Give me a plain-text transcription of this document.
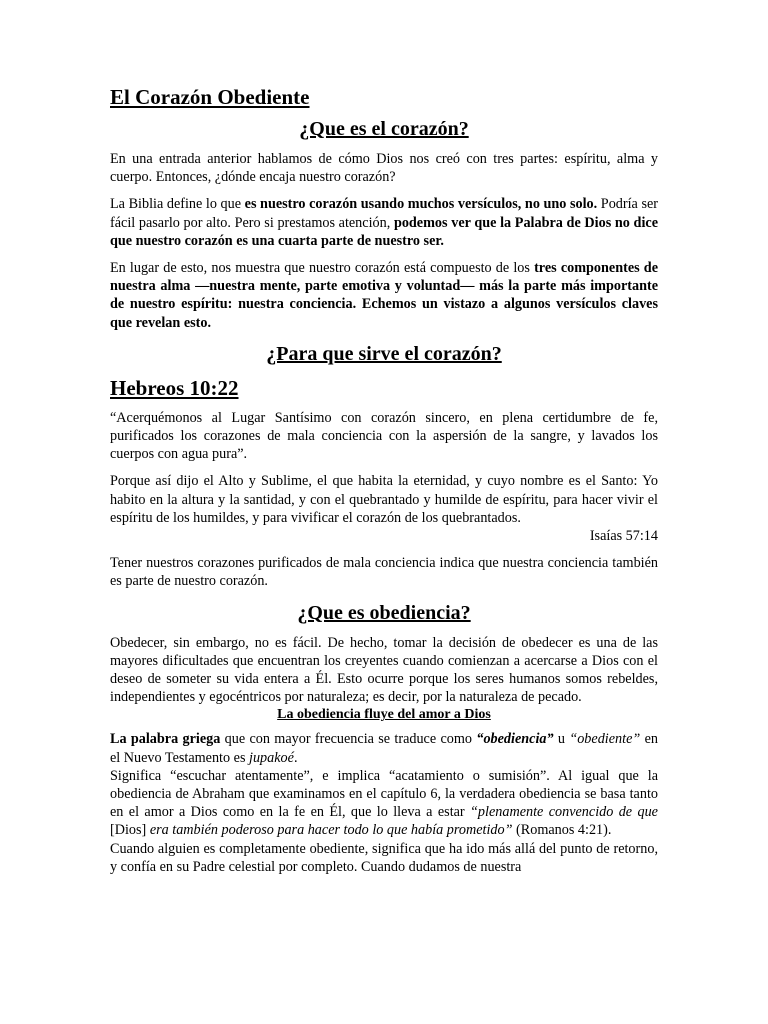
El Corazón Obediente
¿Que es el corazón?

En una entrada anterior hablamos de cómo Dios nos creó con tres partes: espíritu, alma y cuerpo. Entonces, ¿dónde encaja nuestro corazón?

La Biblia define lo que es nuestro corazón usando muchos versículos, no uno solo. Podría ser fácil pasarlo por alto. Pero si prestamos atención, podemos ver que la Palabra de Dios no dice que nuestro corazón es una cuarta parte de nuestro ser.

En lugar de esto, nos muestra que nuestro corazón está compuesto de los tres componentes de nuestra alma —nuestra mente, parte emotiva y voluntad— más la parte más importante de nuestro espíritu: nuestra conciencia. Echemos un vistazo a algunos versículos claves que revelan esto.

¿Para que sirve el corazón?
Hebreos 10:22

“Acerquémonos al Lugar Santísimo con corazón sincero, en plena certidumbre de fe, purificados los corazones de mala conciencia con la aspersión de la sangre, y lavados los cuerpos con agua pura”.

Porque así dijo el Alto y Sublime, el que habita la eternidad, y cuyo nombre es el Santo: Yo habito en la altura y la santidad, y con el quebrantado y humilde de espíritu, para hacer vivir el espíritu de los humildes, y para vivificar el corazón de los quebrantados.

Isaías 57:14

Tener nuestros corazones purificados de mala conciencia indica que nuestra conciencia también es parte de nuestro corazón.

¿Que es obediencia?

Obedecer, sin embargo, no es fácil. De hecho, tomar la decisión de obedecer es una de las mayores dificultades que encuentran los creyentes cuando comienzan a acercarse a Dios con el deseo de someter su vida entera a Él. Esto ocurre porque los seres humanos somos rebeldes, independientes y egocéntricos por naturaleza; es decir, por la naturaleza de pecado.

La obediencia fluye del amor a Dios

La palabra griega que con mayor frecuencia se traduce como “obediencia” u “obediente” en el Nuevo Testamento es jupakoé.

Significa “escuchar atentamente”, e implica “acatamiento o sumisión”. Al igual que la obediencia de Abraham que examinamos en el capítulo 6, la verdadera obediencia se basa tanto en el amor a Dios como en la fe en Él, que lo lleva a estar “plenamente convencido de que [Dios] era también poderoso para hacer todo lo que había prometido” (Romanos 4:21).

Cuando alguien es completamente obediente, significa que ha ido más allá del punto de retorno, y confía en su Padre celestial por completo. Cuando dudamos de nuestra
